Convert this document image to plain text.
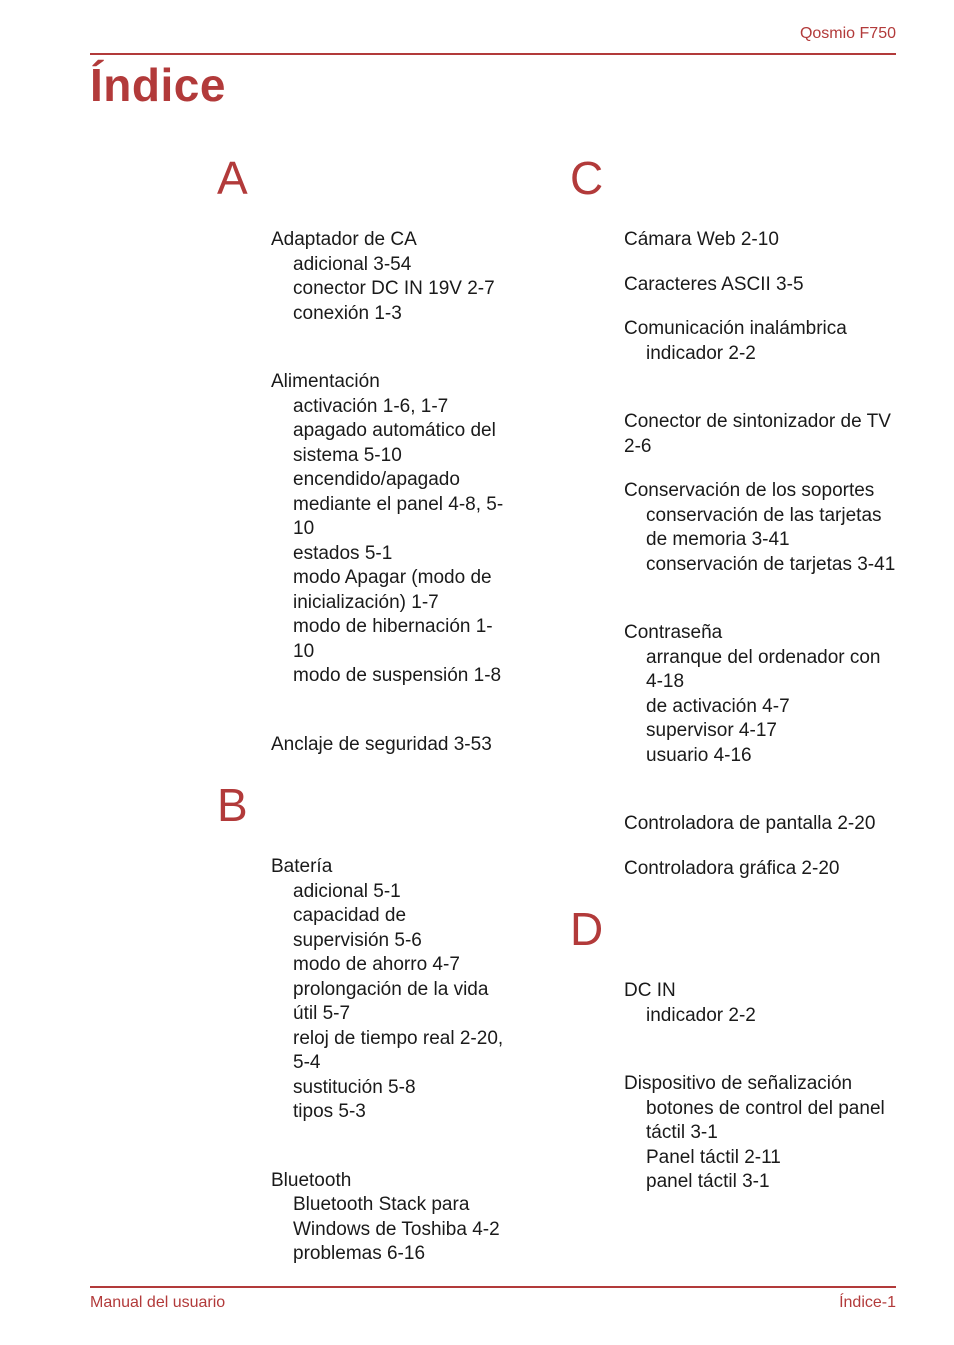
Qosmio F750
Índice
A
Adaptador de CA
adicional 3-54
conector DC IN 19V 2-7
conexión 1-3
Alimentación
activación 1-6, 1-7
apagado automático del sistema 5-10
encendido/apagado mediante el panel 4-8, 5-10
estados 5-1
modo Apagar (modo de inicialización) 1-7
modo de hibernación 1-10
modo de suspensión 1-8
Anclaje de seguridad 3-53
B
Batería
adicional 5-1
capacidad de supervisión 5-6
modo de ahorro 4-7
prolongación de la vida útil 5-7
reloj de tiempo real 2-20, 5-4
sustitución 5-8
tipos 5-3
Bluetooth
Bluetooth Stack para Windows de Toshiba 4-2
problemas 6-16
C
Cámara Web 2-10
Caracteres ASCII 3-5
Comunicación inalámbrica
indicador 2-2
Conector de sintonizador de TV 2-6
Conservación de los soportes
conservación de las tarjetas de memoria 3-41
conservación de tarjetas 3-41
Contraseña
arranque del ordenador con 4-18
de activación 4-7
supervisor 4-17
usuario 4-16
Controladora de pantalla 2-20
Controladora gráfica 2-20
D
DC IN
indicador 2-2
Dispositivo de señalización
botones de control del panel táctil 3-1
Panel táctil 2-11
panel táctil 3-1
Manual del usuario	Índice-1
